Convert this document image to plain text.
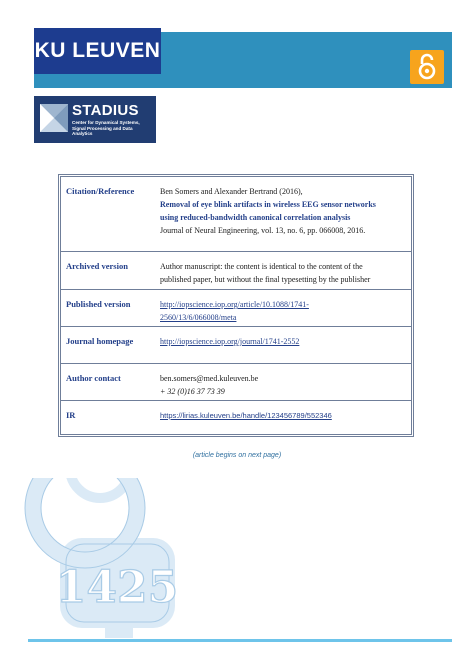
KU LEUVEN
STADIUS
Center for Dynamical Systems,
Signal Processing and Data Analytics
Citation/Reference	Ben Somers and Alexander Bertrand (2016),
Removal of eye blink artifacts in wireless EEG sensor networks
using reduced-bandwidth canonical correlation analysis
Journal of Neural Engineering, vol. 13, no. 6, pp. 066008, 2016.
Archived version	Author manuscript: the content is identical to the content of the
published paper, but without the final typesetting by the publisher
Published version	http://iopscience.iop.org/article/10.1088/1741-
2560/13/6/066008/meta
Journal homepage	http://iopscience.iop.org/journal/1741-2552
Author contact	ben.somers@med.kuleuven.be
+ 32 (0)16 37 73 39
IR	https://lirias.kuleuven.be/handle/123456789/552346
(article begins on next page)
1425
